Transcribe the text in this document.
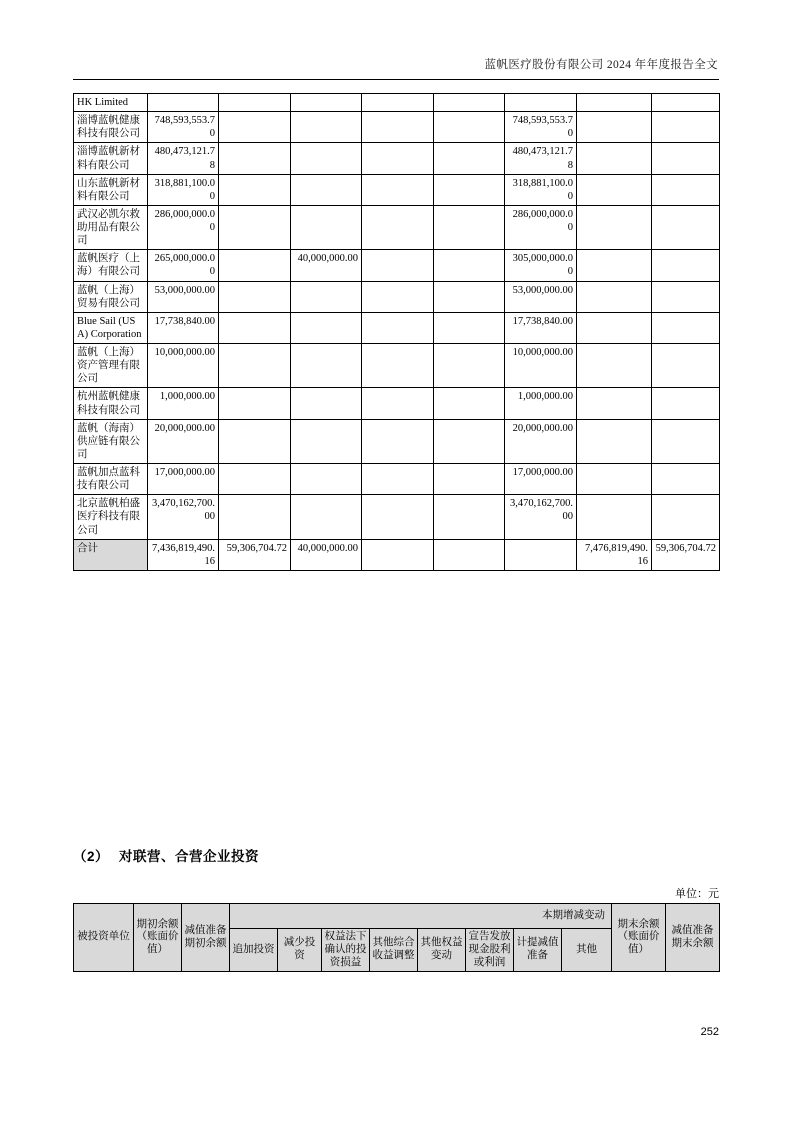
蓝帆医疗股份有限公司 2024 年年度报告全文
HK Limited								
淄博蓝帆健康科技有限公司	748,593,553.70					748,593,553.70		
淄博蓝帆新材料有限公司	480,473,121.78					480,473,121.78		
山东蓝帆新材料有限公司	318,881,100.00					318,881,100.00		
武汉必凯尔救助用品有限公司	286,000,000.00					286,000,000.00		
蓝帆医疗（上海）有限公司	265,000,000.00		40,000,000.00			305,000,000.00		
蓝帆（上海）贸易有限公司	53,000,000.00					53,000,000.00		
Blue Sail (USA) Corporation	17,738,840.00					17,738,840.00		
蓝帆（上海）资产管理有限公司	10,000,000.00					10,000,000.00		
杭州蓝帆健康科技有限公司	1,000,000.00					1,000,000.00		
蓝帆（海南）供应链有限公司	20,000,000.00					20,000,000.00		
蓝帆加点蓝科技有限公司	17,000,000.00					17,000,000.00		
北京蓝帆柏盛医疗科技有限公司	3,470,162,700.00					3,470,162,700.00		
合计	7,436,819,490.16	59,306,704.72	40,000,000.00				7,476,819,490.16	59,306,704.72
（2） 对联营、合营企业投资
单位：元
被投资单位	期初余额（账面价值）	减值准备期初余额	本期增减变动								期末余额（账面价值）	减值准备期末余额
			追加投资	减少投资	权益法下确认的投资损益	其他综合收益调整	其他权益变动	宣告发放现金股利或利润	计提减值准备	其他		
252
